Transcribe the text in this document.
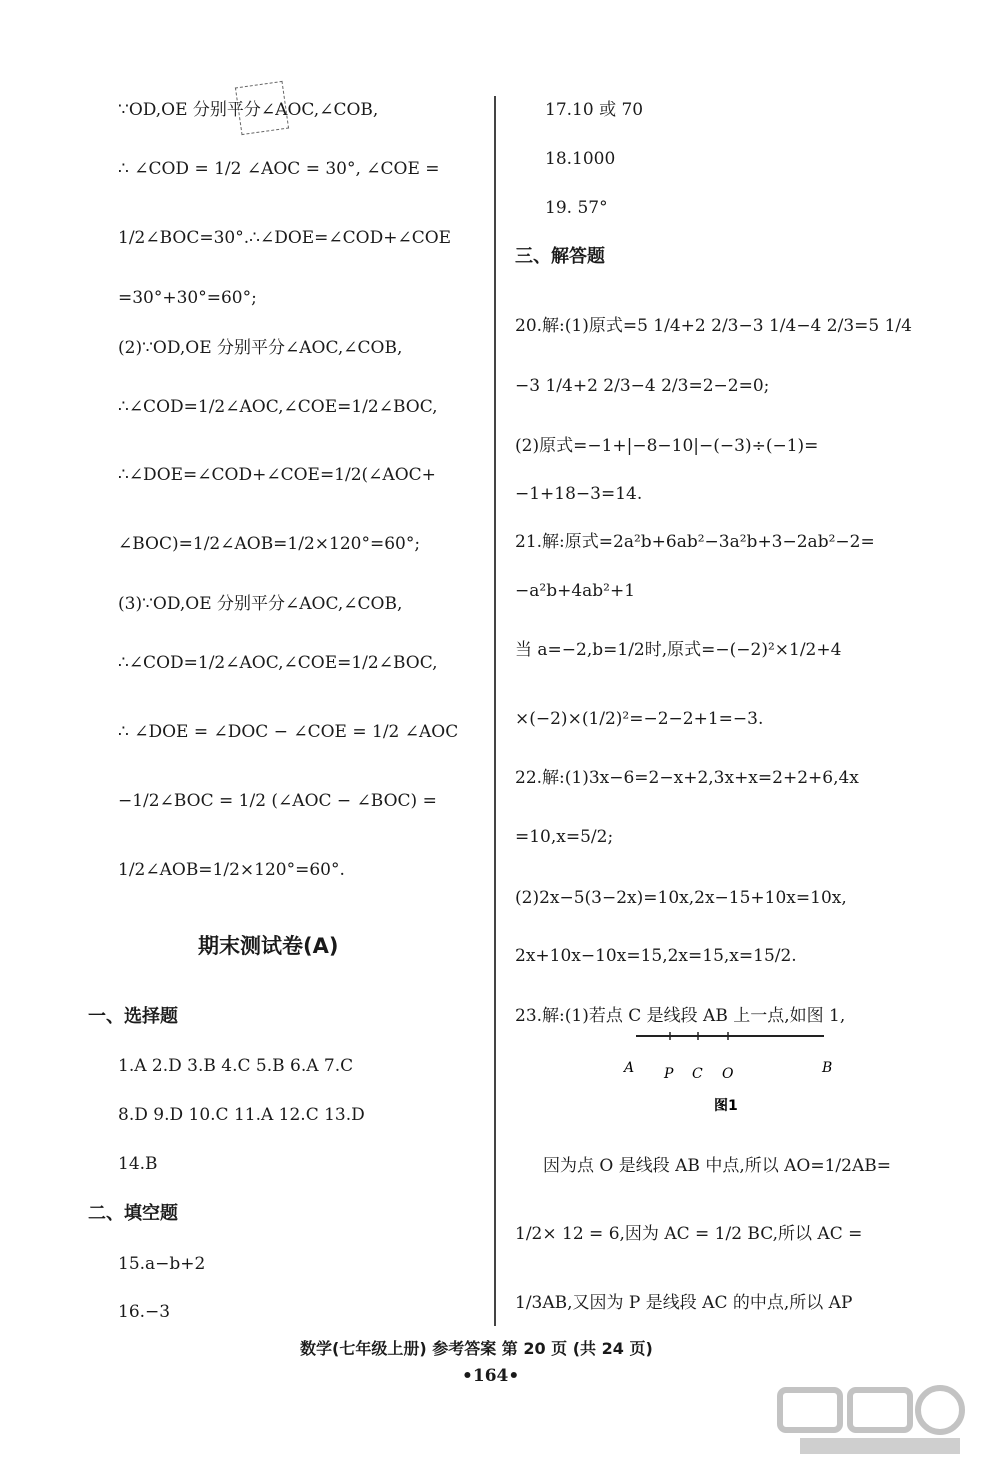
∵OD,OE 分别平分∠AOC,∠COB,
∴ ∠COD = 1/2 ∠AOC = 30°, ∠COE =
1/2∠BOC=30°.∴∠DOE=∠COD+∠COE
=30°+30°=60°;
(2)∵OD,OE 分别平分∠AOC,∠COB,
∴∠COD=1/2∠AOC,∠COE=1/2∠BOC,
∴∠DOE=∠COD+∠COE=1/2(∠AOC+
∠BOC)=1/2∠AOB=1/2×120°=60°;
(3)∵OD,OE 分别平分∠AOC,∠COB,
∴∠COD=1/2∠AOC,∠COE=1/2∠BOC,
∴ ∠DOE = ∠DOC − ∠COE = 1/2 ∠AOC
−1/2∠BOC = 1/2 (∠AOC − ∠BOC) =
1/2∠AOB=1/2×120°=60°.
期末测试卷(A)
一、选择题
1.A 2.D 3.B 4.C 5.B 6.A 7.C
8.D 9.D 10.C 11.A 12.C 13.D
14.B
二、填空题
15.a−b+2
16.−3
17.10 或 70
18.1000
19. 57°
三、解答题
20.解:(1)原式=5 1/4+2 2/3−3 1/4−4 2/3=5 1/4
−3 1/4+2 2/3−4 2/3=2−2=0;
(2)原式=−1+|−8−10|−(−3)÷(−1)=
−1+18−3=14.
21.解:原式=2a²b+6ab²−3a²b+3−2ab²−2=
−a²b+4ab²+1
当 a=−2,b=1/2时,原式=−(−2)²×1/2+4
×(−2)×(1/2)²=−2−2+1=−3.
22.解:(1)3x−6=2−x+2,3x+x=2+2+6,4x
=10,x=5/2;
(2)2x−5(3−2x)=10x,2x−15+10x=10x,
2x+10x−10x=15,2x=15,x=15/2.
23.解:(1)若点 C 是线段 AB 上一点,如图 1,
因为点 O 是线段 AB 中点,所以 AO=1/2AB=
1/2× 12 = 6,因为 AC = 1/2 BC,所以 AC =
1/3AB,又因为 P 是线段 AC 的中点,所以 AP
A P C O	B
图1
数学(七年级上册) 参考答案 第 20 页 (共 24 页)
•164•
